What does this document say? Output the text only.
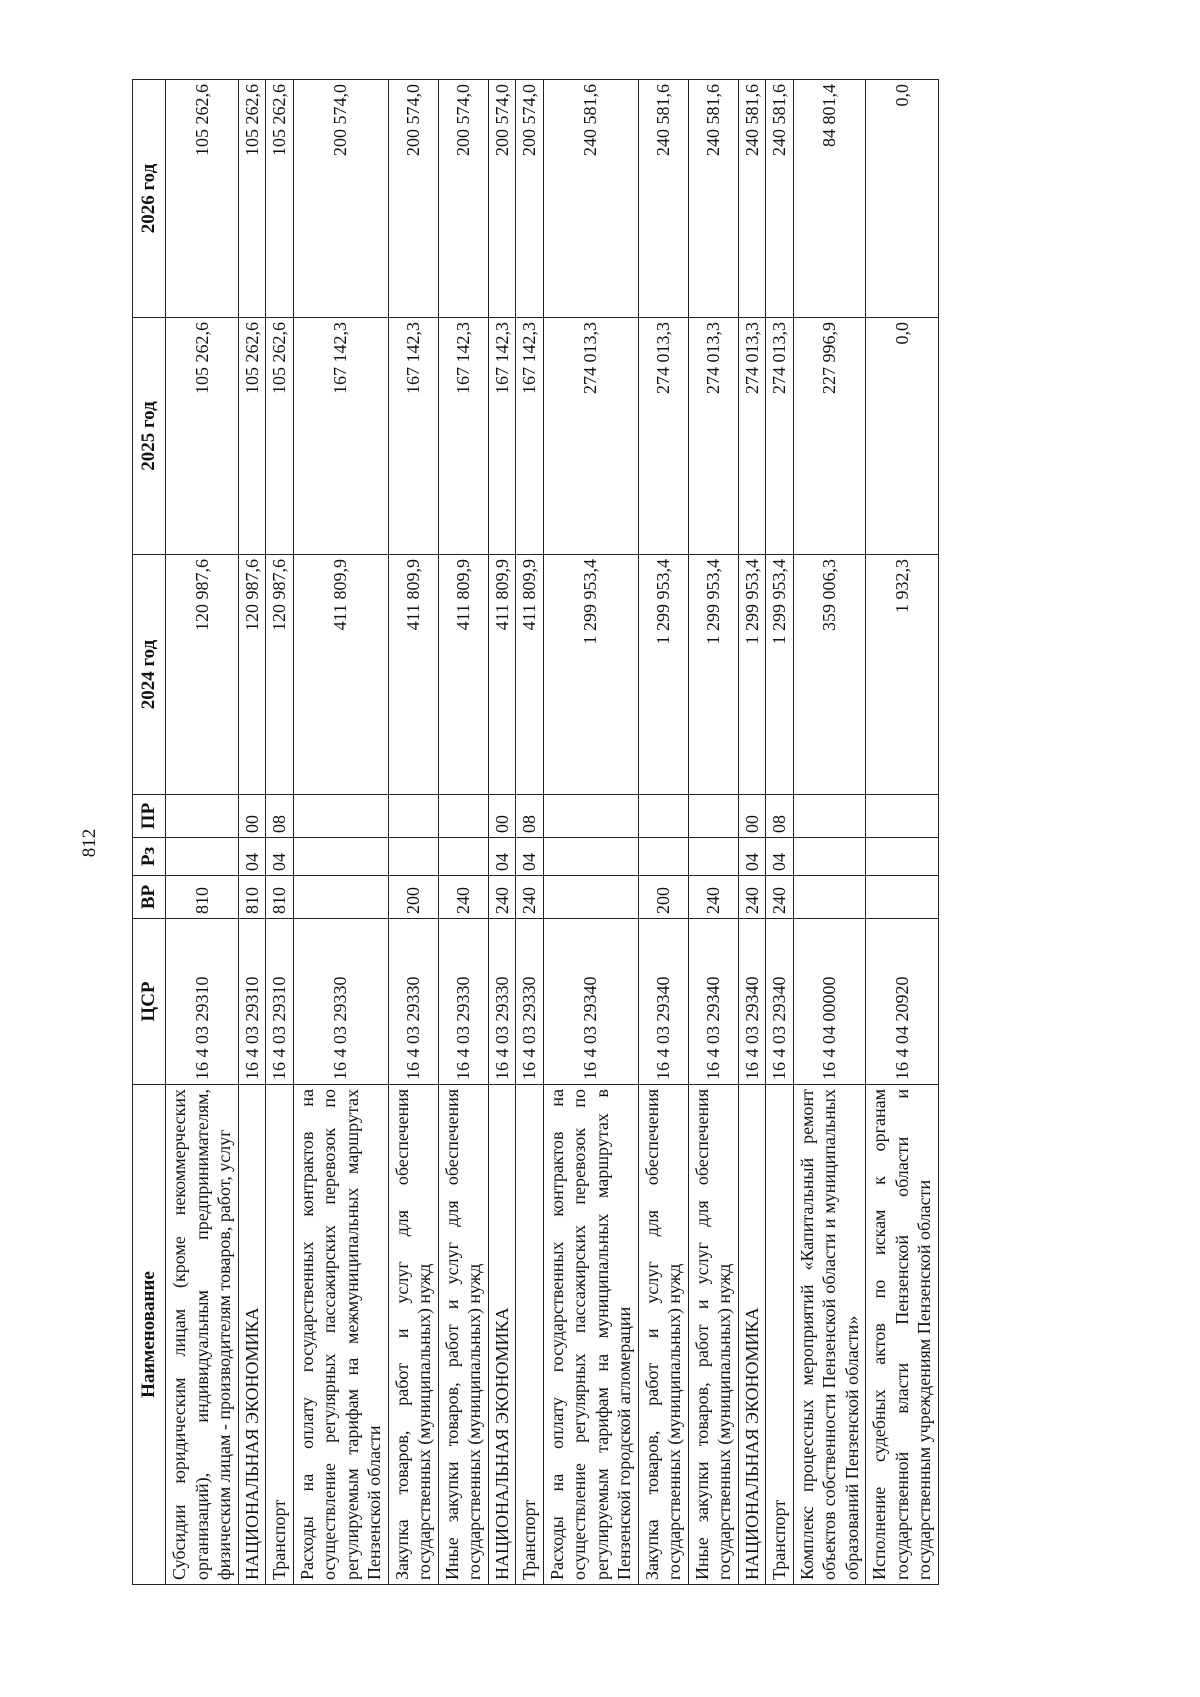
812
Наименование	ЦСР	ВР	Рз	ПР	2024 год	2025 год	2026 год
Субсидии юридическим лицам (кроме некоммерческих организаций), индивидуальным предпринимателям, физическим лицам - производителям товаров, работ, услуг	16 4 03 29310	810			120 987,6	105 262,6	105 262,6
НАЦИОНАЛЬНАЯ ЭКОНОМИКА	16 4 03 29310	810	04	00	120 987,6	105 262,6	105 262,6
Транспорт	16 4 03 29310	810	04	08	120 987,6	105 262,6	105 262,6
Расходы на оплату государственных контрактов на осуществление регулярных пассажирских перевозок по регулируемым тарифам на межмуниципальных маршрутах Пензенской области	16 4 03 29330				411 809,9	167 142,3	200 574,0
Закупка товаров, работ и услуг для обеспечения государственных (муниципальных) нужд	16 4 03 29330	200			411 809,9	167 142,3	200 574,0
Иные закупки товаров, работ и услуг для обеспечения государственных (муниципальных) нужд	16 4 03 29330	240			411 809,9	167 142,3	200 574,0
НАЦИОНАЛЬНАЯ ЭКОНОМИКА	16 4 03 29330	240	04	00	411 809,9	167 142,3	200 574,0
Транспорт	16 4 03 29330	240	04	08	411 809,9	167 142,3	200 574,0
Расходы на оплату государственных контрактов на осуществление регулярных пассажирских перевозок по регулируемым тарифам на муниципальных маршрутах в Пензенской городской агломерации	16 4 03 29340				1 299 953,4	274 013,3	240 581,6
Закупка товаров, работ и услуг для обеспечения государственных (муниципальных) нужд	16 4 03 29340	200			1 299 953,4	274 013,3	240 581,6
Иные закупки товаров, работ и услуг для обеспечения государственных (муниципальных) нужд	16 4 03 29340	240			1 299 953,4	274 013,3	240 581,6
НАЦИОНАЛЬНАЯ ЭКОНОМИКА	16 4 03 29340	240	04	00	1 299 953,4	274 013,3	240 581,6
Транспорт	16 4 03 29340	240	04	08	1 299 953,4	274 013,3	240 581,6
Комплекс процессных мероприятий «Капитальный ремонт объектов собственности Пензенской области и муниципальных образований Пензенской области»	16 4 04 00000				359 006,3	227 996,9	84 801,4
Исполнение судебных актов по искам к органам государственной власти Пензенской области и государственным учреждениям Пензенской области	16 4 04 20920				1 932,3	0,0	0,0
